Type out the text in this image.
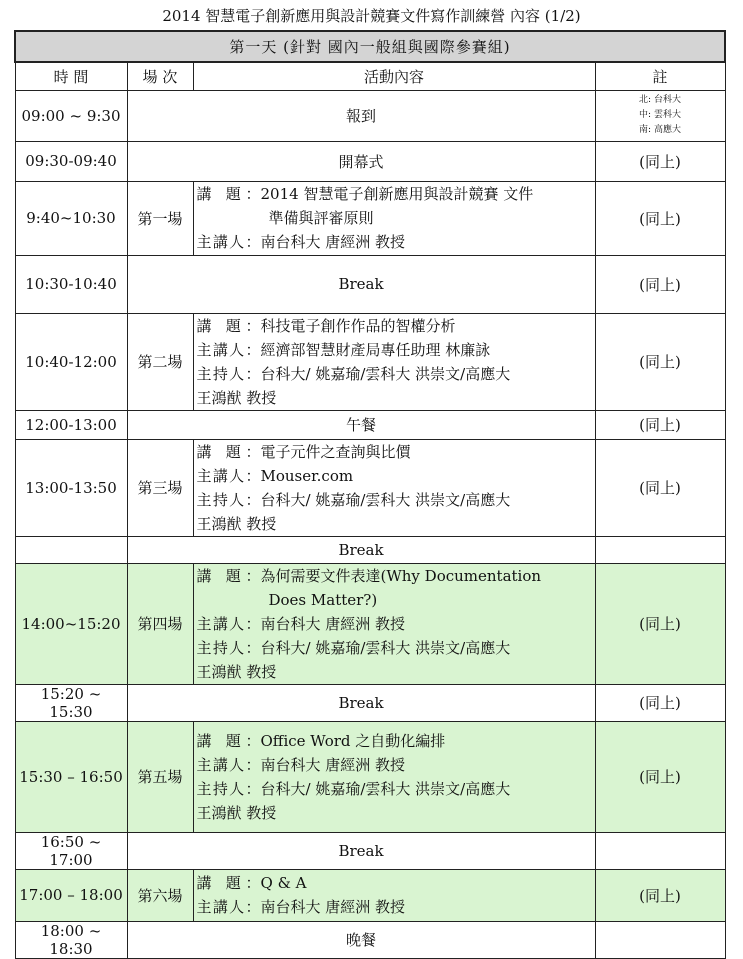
2014 智慧電子創新應用與設計競賽文件寫作訓練營 內容 (1/2)
第一天 (針對 國內一般組與國際參賽組)			
時 間	場 次	活動內容	註
09:00 ~ 9:30	報到		北: 台科大
中: 雲科大
南: 高應大

09:30-09:40	開幕式		(同上)
9:40~10:30	第一場	講 題：2014 智慧電子創新應用與設計競賽 文件
準備與評審原則
主講人：南台科大 唐經洲 教授	(同上)
10:30-10:40	Break		(同上)
10:40-12:00	第二場	講 題：科技電子創作作品的智權分析
主講人：經濟部智慧財產局專任助理 林廉詠
主持人：台科大/ 姚嘉瑜/雲科大 洪崇文/高應大
王鴻猷 教授	(同上)
12:00-13:00	午餐		(同上)
13:00-13:50	第三場	講 題：電子元件之查詢與比價
主講人：Mouser.com
主持人：台科大/ 姚嘉瑜/雲科大 洪崇文/高應大
王鴻猷 教授	(同上)
	Break		
14:00~15:20	第四場	講 題：為何需要文件表達(Why Documentation
Does Matter?)
主講人：南台科大 唐經洲 教授
主持人：台科大/ 姚嘉瑜/雲科大 洪崇文/高應大
王鴻猷 教授	(同上)
15:20 ~ 15:30	Break		(同上)
15:30 – 16:50	第五場	講 題：Office Word 之自動化編排
主講人：南台科大 唐經洲 教授
主持人：台科大/ 姚嘉瑜/雲科大 洪崇文/高應大
王鴻猷 教授	(同上)
16:50 ~ 17:00	Break		
17:00 – 18:00	第六場	講 題：Q & A
主講人：南台科大 唐經洲 教授	(同上)
18:00 ~ 18:30	晚餐		
